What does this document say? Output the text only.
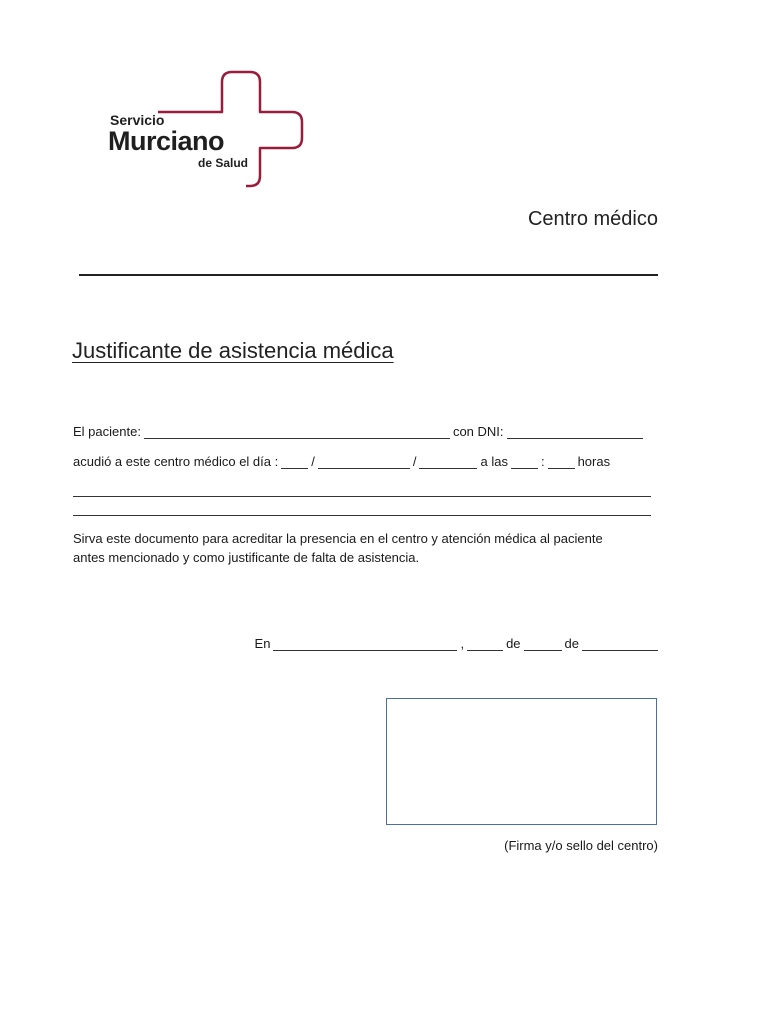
Servicio
Murciano
de Salud
Centro médico
Justificante de asistencia médica
El paciente:	con DNI:
acudió a este centro médico el día :	/	/	a las	:	horas
Sirva este documento para acreditar la presencia en el centro y atención médica al paciente
antes mencionado y como justificante de falta de asistencia.
En	,	de	de
(Firma y/o sello del centro)
